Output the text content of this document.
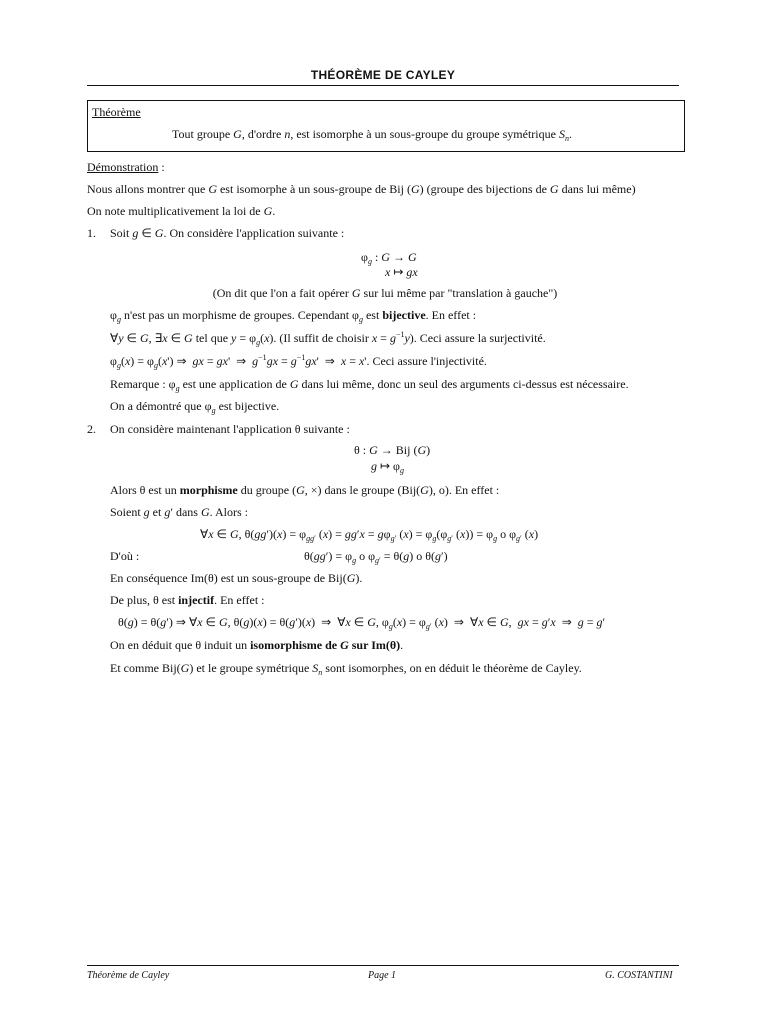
THÉORÈME DE CAYLEY
Théorème
Tout groupe G, d'ordre n, est isomorphe à un sous-groupe du groupe symétrique $S_n$.
Démonstration :
Nous allons montrer que G est isomorphe à un sous-groupe de Bij (G) (groupe des bijections de G dans lui même)
On note multiplicativement la loi de G.
1. Soit g ∈ G. On considère l'application suivante :
$\varphi_g$ : G → G
x ↦ gx
(On dit que l'on a fait opérer G sur lui même par "translation à gauche")
$\varphi_g$ n'est pas un morphisme de groupes. Cependant $\varphi_g$ est bijective. En effet :
∀y ∈ G, ∃x ∈ G tel que $y = \varphi_g(x)$. (Il suffit de choisir $x = g^{-1}y$). Ceci assure la surjectivité.
$\varphi_g(x) = \varphi_g(x')$ ⇒  gx = gx'  ⇒  $g^{-1}gx = g^{-1}gx'$  ⇒  x = x'. Ceci assure l'injectivité.
Remarque : $\varphi_g$ est une application de G dans lui même, donc un seul des arguments ci-dessus est nécessaire.
On a démontré que $\varphi_g$ est bijective.
2. On considère maintenant l'application θ suivante :
θ : G → Bij (G)
g ↦ $\varphi_g$
Alors θ est un morphisme du groupe (G, ×) dans le groupe (Bij(G), o). En effet :
Soient g et g′ dans G. Alors :
∀x ∈ G, $\theta(gg')(x) = \varphi_{gg'}$ $(x) = gg'x = g\varphi_{g'}$ $(x) = \varphi_g(\varphi_{g'}$ $(x)) = \varphi_g$ o $\varphi_{g'}$ (x)
D'où :	$\theta(gg') = \varphi_g$ o $\varphi_{g'} = \theta(g)$ o θ(g′)
En conséquence Im(θ) est un sous-groupe de Bij(G).
De plus, θ est injectif. En effet :
θ(g) = θ(g′) ⇒ ∀x ∈ G, θ(g)(x) = θ(g′)(x)  ⇒  ∀x ∈ G, $\varphi_g(x) = \varphi_{g'}$ (x)  ⇒  ∀x ∈ G,  gx = g′x  ⇒  g = g′
On en déduit que θ induit un isomorphisme de G sur Im(θ).
Et comme Bij(G) et le groupe symétrique $S_n$ sont isomorphes, on en déduit le théorème de Cayley.
Théorème de Cayley	Page 1	G. COSTANTINI
